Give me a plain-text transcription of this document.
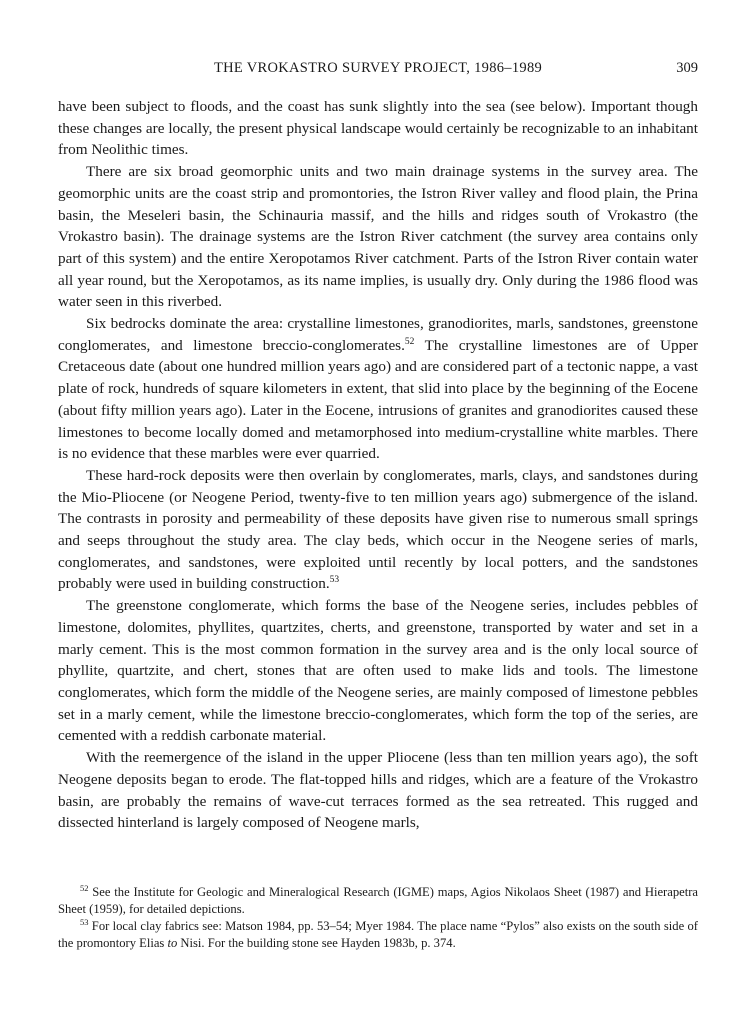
THE VROKASTRO SURVEY PROJECT, 1986–1989	309

have been subject to floods, and the coast has sunk slightly into the sea (see below). Important though these changes are locally, the present physical landscape would certainly be recognizable to an inhabitant from Neolithic times.

There are six broad geomorphic units and two main drainage systems in the survey area. The geomorphic units are the coast strip and promontories, the Istron River valley and flood plain, the Prina basin, the Meseleri basin, the Schinauria massif, and the hills and ridges south of Vrokastro (the Vrokastro basin). The drainage systems are the Istron River catchment (the survey area contains only part of this system) and the entire Xeropotamos River catchment. Parts of the Istron River contain water all year round, but the Xeropotamos, as its name implies, is usually dry. Only during the 1986 flood was water seen in this riverbed.

Six bedrocks dominate the area: crystalline limestones, granodiorites, marls, sandstones, greenstone conglomerates, and limestone breccio-conglomerates.$^{52}$ The crystalline limestones are of Upper Cretaceous date (about one hundred million years ago) and are considered part of a tectonic nappe, a vast plate of rock, hundreds of square kilometers in extent, that slid into place by the beginning of the Eocene (about fifty million years ago). Later in the Eocene, intrusions of granites and granodiorites caused these limestones to become locally domed and metamorphosed into medium-crystalline white marbles. There is no evidence that these marbles were ever quarried.

These hard-rock deposits were then overlain by conglomerates, marls, clays, and sandstones during the Mio-Pliocene (or Neogene Period, twenty-five to ten million years ago) submergence of the island. The contrasts in porosity and permeability of these deposits have given rise to numerous small springs and seeps throughout the study area. The clay beds, which occur in the Neogene series of marls, conglomerates, and sandstones, were exploited until recently by local potters, and the sandstones probably were used in building construction.$^{53}$

The greenstone conglomerate, which forms the base of the Neogene series, includes pebbles of limestone, dolomites, phyllites, quartzites, cherts, and greenstone, transported by water and set in a marly cement. This is the most common formation in the survey area and is the only local source of phyllite, quartzite, and chert, stones that are often used to make lids and tools. The limestone conglomerates, which form the middle of the Neogene series, are mainly composed of limestone pebbles set in a marly cement, while the limestone breccio-conglomerates, which form the top of the series, are cemented with a reddish carbonate material.

With the reemergence of the island in the upper Pliocene (less than ten million years ago), the soft Neogene deposits began to erode. The flat-topped hills and ridges, which are a feature of the Vrokastro basin, are probably the remains of wave-cut terraces formed as the sea retreated. This rugged and dissected hinterland is largely composed of Neogene marls,

$^{52}$ See the Institute for Geologic and Mineralogical Research (IGME) maps, Agios Nikolaos Sheet (1987) and Hierapetra Sheet (1959), for detailed depictions.

$^{53}$ For local clay fabrics see: Matson 1984, pp. 53–54; Myer 1984. The place name “Pylos” also exists on the south side of the promontory Elias to Nisi. For the building stone see Hayden 1983b, p. 374.
